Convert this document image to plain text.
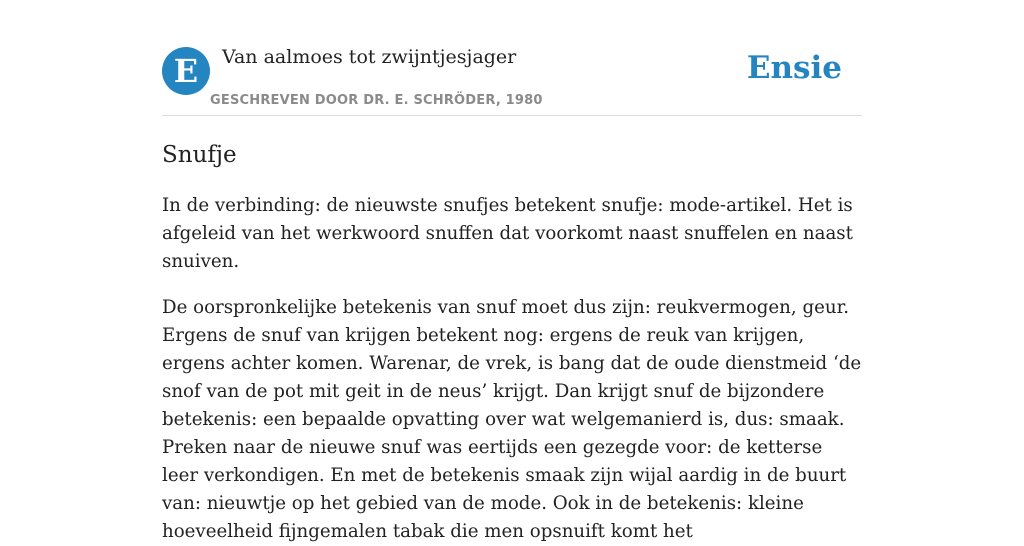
E	Van aalmoes tot zwijntjesjager
GESCHREVEN DOOR DR. E. SCHRÖDER, 1980
Ensie
Snufje

In de verbinding: de nieuwste snufjes betekent snufje: mode-artikel. Het is afgeleid van het werkwoord snuffen dat voorkomt naast snuffelen en naast snuiven.

De oorspronkelijke betekenis van snuf moet dus zijn: reukvermogen, geur. Ergens de snuf van krijgen betekent nog: ergens de reuk van krijgen, ergens achter komen. Warenar, de vrek, is bang dat de oude dienstmeid ‘de snof van de pot mit geit in de neus’ krijgt. Dan krijgt snuf de bijzondere betekenis: een bepaalde opvatting over wat welgemanierd is, dus: smaak. Preken naar de nieuwe snuf was eertijds een gezegde voor: de ketterse leer verkondigen. En met de betekenis smaak zijn wijal aardig in de buurt van: nieuwtje op het gebied van de mode. Ook in de betekenis: kleine hoeveelheid fijngemalen tabak die men opsnuift komt het
